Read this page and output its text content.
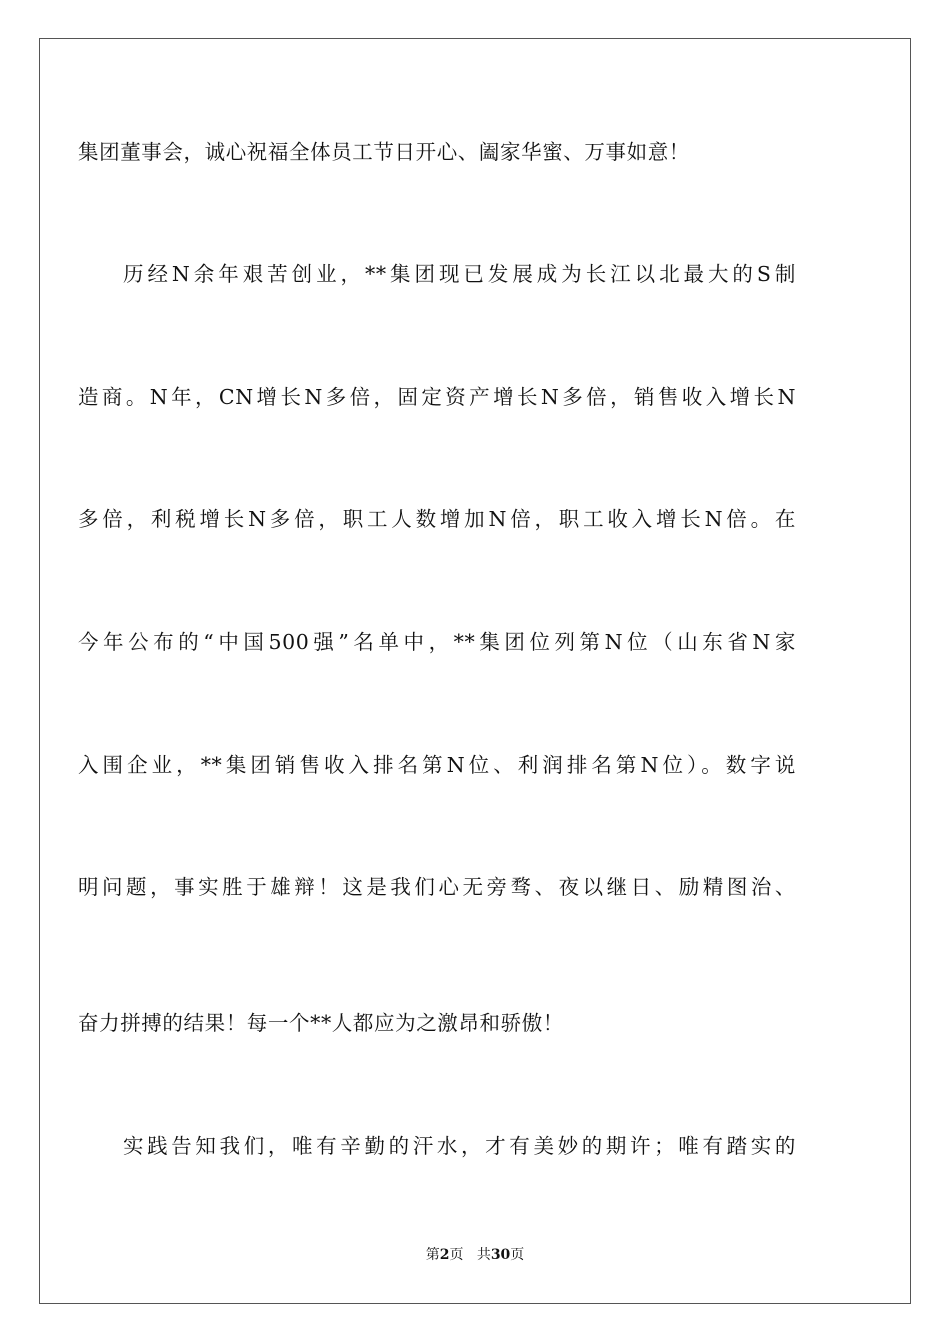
集团董事会，诚心祝福全体员工节日开心、阖家华蜜、万事如意！
历经N余年艰苦创业，**集团现已发展成为长江以北最大的S制
造商。N年，CN增长N多倍，固定资产增长N多倍，销售收入增长N
多倍，利税增长N多倍，职工人数增加N倍，职工收入增长N倍。在
今年公布的“中国500强”名单中，**集团位列第N位（山东省N家
入围企业，**集团销售收入排名第N位、利润排名第N位）。数字说
明问题，事实胜于雄辩！这是我们心无旁骛、夜以继日、励精图治、
奋力拼搏的结果！每一个**人都应为之激昂和骄傲！
实践告知我们，唯有辛勤的汗水，才有美妙的期许；唯有踏实的
第2页 共30页
